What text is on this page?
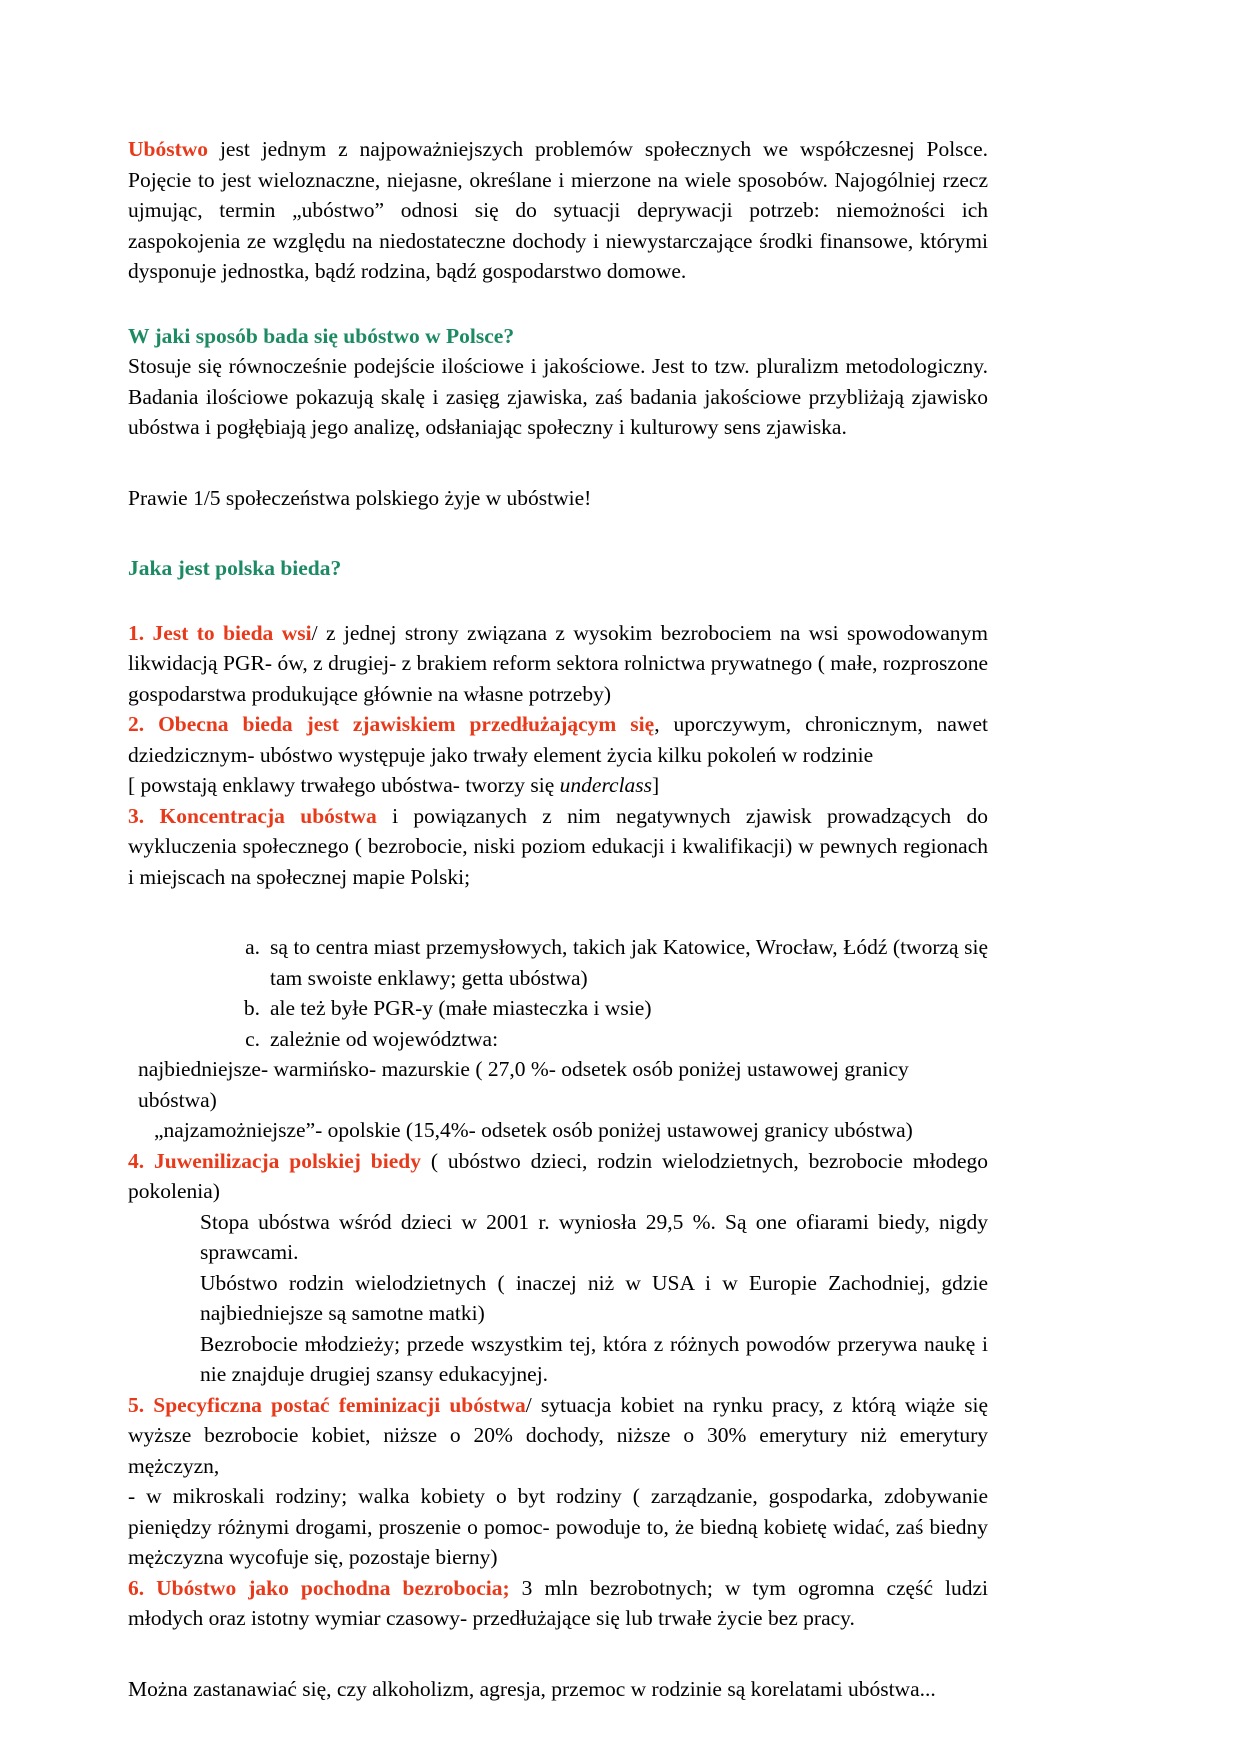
Ubóstwo jest jednym z najpoważniejszych problemów społecznych we współczesnej Polsce. Pojęcie to jest wieloznaczne, niejasne, określane i mierzone na wiele sposobów. Najogólniej rzecz ujmując, termin „ubóstwo” odnosi się do sytuacji deprywacji potrzeb: niemożności ich zaspokojenia ze względu na niedostateczne dochody i niewystarczające środki finansowe, którymi dysponuje jednostka, bądź rodzina, bądź gospodarstwo domowe.

W jaki sposób bada się ubóstwo w Polsce?

Stosuje się równocześnie podejście ilościowe i jakościowe. Jest to tzw. pluralizm metodologiczny. Badania ilościowe pokazują skalę i zasięg zjawiska, zaś badania jakościowe przybliżają zjawisko ubóstwa i pogłębiają jego analizę, odsłaniając społeczny i kulturowy sens zjawiska.

Prawie 1/5 społeczeństwa polskiego żyje w ubóstwie!

Jaka jest polska bieda?

1. Jest to bieda wsi/ z jednej strony związana z wysokim bezrobociem na wsi spowodowanym likwidacją PGR- ów, z drugiej- z brakiem reform sektora rolnictwa prywatnego ( małe, rozproszone gospodarstwa produkujące głównie na własne potrzeby)

2. Obecna bieda jest zjawiskiem przedłużającym się, uporczywym, chronicznym, nawet dziedzicznym- ubóstwo występuje jako trwały element życia kilku pokoleń w rodzinie

[ powstają enklawy trwałego ubóstwa- tworzy się underclass]

3. Koncentracja ubóstwa i powiązanych z nim negatywnych zjawisk prowadzących do wykluczenia społecznego ( bezrobocie, niski poziom edukacji i kwalifikacji) w pewnych regionach i miejscach na społecznej mapie Polski;

a. są to centra miast przemysłowych, takich jak Katowice, Wrocław, Łódź (tworzą się tam swoiste enklawy; getta ubóstwa)
b. ale też byłe PGR-y (małe miasteczka i wsie)
c. zależnie od województwa:

najbiedniejsze- warmińsko- mazurskie ( 27,0 %- odsetek osób poniżej ustawowej granicy ubóstwa)

„najzamożniejsze”- opolskie (15,4%- odsetek osób poniżej ustawowej granicy ubóstwa)

4. Juwenilizacja polskiej biedy ( ubóstwo dzieci, rodzin wielodzietnych, bezrobocie młodego pokolenia)

Stopa ubóstwa wśród dzieci w 2001 r. wyniosła 29,5 %. Są one ofiarami biedy, nigdy sprawcami.

Ubóstwo rodzin wielodzietnych ( inaczej niż w USA i w Europie Zachodniej, gdzie najbiedniejsze są samotne matki)

Bezrobocie młodzieży; przede wszystkim tej, która z różnych powodów przerywa naukę i nie znajduje drugiej szansy edukacyjnej.

5. Specyficzna postać feminizacji ubóstwa/ sytuacja kobiet na rynku pracy, z którą wiąże się wyższe bezrobocie kobiet, niższe o 20% dochody, niższe o 30% emerytury niż emerytury mężczyzn,

- w mikroskali rodziny; walka kobiety o byt rodziny ( zarządzanie, gospodarka, zdobywanie pieniędzy różnymi drogami, proszenie o pomoc- powoduje to, że biedną kobietę widać, zaś biedny mężczyzna wycofuje się, pozostaje bierny)

6. Ubóstwo jako pochodna bezrobocia; 3 mln bezrobotnych; w tym ogromna część ludzi młodych oraz istotny wymiar czasowy- przedłużające się lub trwałe życie bez pracy.

Można zastanawiać się, czy alkoholizm, agresja, przemoc w rodzinie są korelatami ubóstwa...
